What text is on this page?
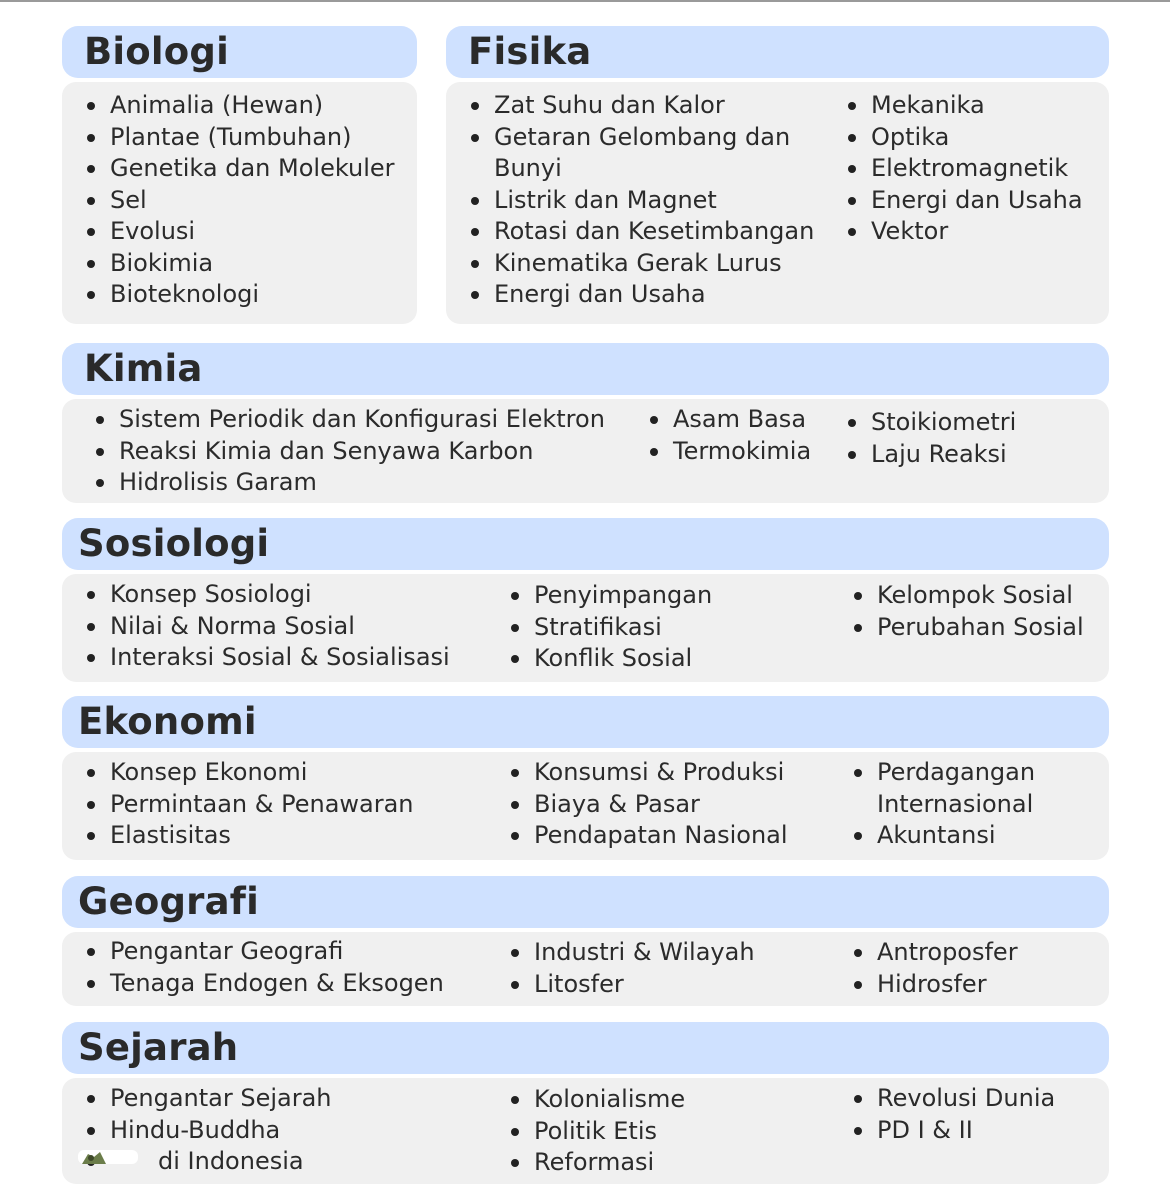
Biologi
Animalia (Hewan)
Plantae (Tumbuhan)
Genetika dan Molekuler
Sel
Evolusi
Biokimia
Bioteknologi
Fisika
Zat Suhu dan Kalor
Getaran Gelombang dan Bunyi
Listrik dan Magnet
Rotasi dan Kesetimbangan
Kinematika Gerak Lurus
Energi dan Usaha
Mekanika
Optika
Elektromagnetik
Energi dan Usaha
Vektor
Kimia
Sistem Periodik dan Konfigurasi Elektron
Reaksi Kimia dan Senyawa Karbon
Hidrolisis Garam
Asam Basa
Termokimia
Stoikiometri
Laju Reaksi
Sosiologi
Konsep Sosiologi
Nilai & Norma Sosial
Interaksi Sosial & Sosialisasi
Penyimpangan
Stratifikasi
Konflik Sosial
Kelompok Sosial
Perubahan Sosial
Ekonomi
Konsep Ekonomi
Permintaan & Penawaran
Elastisitas
Konsumsi & Produksi
Biaya & Pasar
Pendapatan Nasional
Perdagangan Internasional
Akuntansi
Geografi
Pengantar Geografi
Tenaga Endogen & Eksogen
Industri & Wilayah
Litosfer
Antroposfer
Hidrosfer
Sejarah
Pengantar Sejarah
Hindu-Buddha
di Indonesia
Kolonialisme
Politik Etis
Reformasi
Revolusi Dunia
PD I & II
